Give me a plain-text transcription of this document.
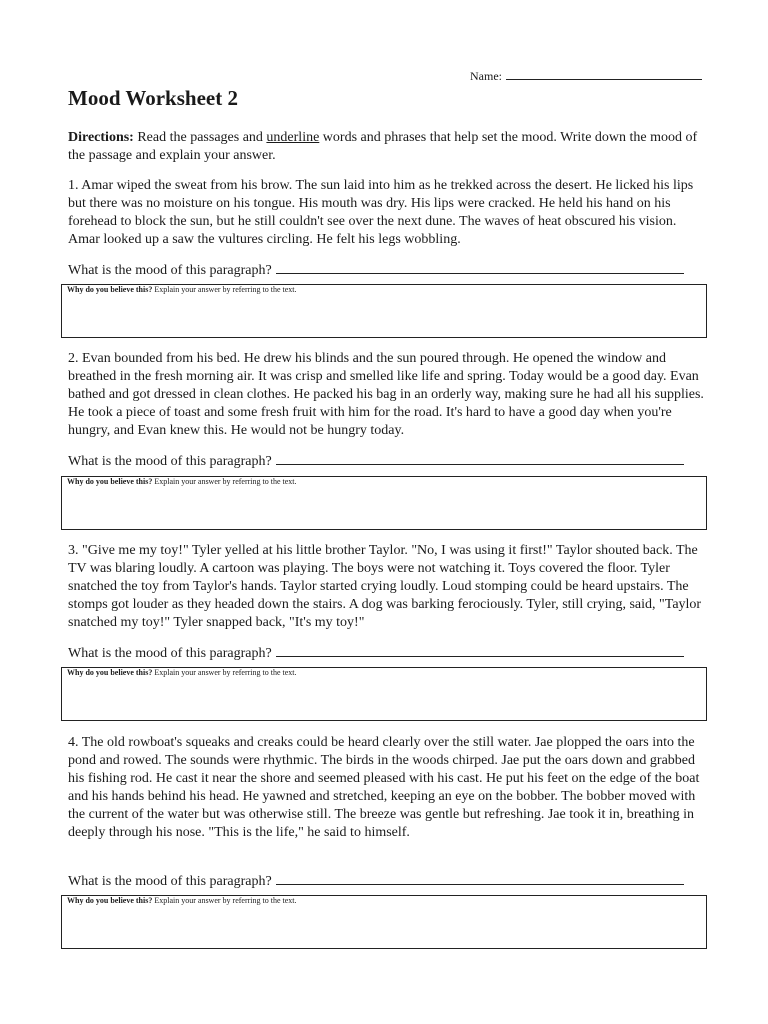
Name:
Mood Worksheet 2

Directions: Read the passages and underline words and phrases that help set the mood. Write down the mood of the passage and explain your answer.

1. Amar wiped the sweat from his brow. The sun laid into him as he trekked across the desert. He licked his lips but there was no moisture on his tongue. His mouth was dry. His lips were cracked. He held his hand on his forehead to block the sun, but he still couldn't see over the next dune. The waves of heat obscured his vision. Amar looked up a saw the vultures circling. He felt his legs wobbling.

What is the mood of this paragraph?

Why do you believe this? Explain your answer by referring to the text.

2. Evan bounded from his bed. He drew his blinds and the sun poured through. He opened the window and breathed in the fresh morning air. It was crisp and smelled like life and spring. Today would be a good day. Evan bathed and got dressed in clean clothes. He packed his bag in an orderly way, making sure he had all his supplies. He took a piece of toast and some fresh fruit with him for the road. It's hard to have a good day when you're hungry, and Evan knew this. He would not be hungry today.

What is the mood of this paragraph?

Why do you believe this? Explain your answer by referring to the text.

3. "Give me my toy!" Tyler yelled at his little brother Taylor. "No, I was using it first!" Taylor shouted back. The TV was blaring loudly. A cartoon was playing. The boys were not watching it. Toys covered the floor. Tyler snatched the toy from Taylor's hands. Taylor started crying loudly. Loud stomping could be heard upstairs. The stomps got louder as they headed down the stairs. A dog was barking ferociously. Tyler, still crying, said, "Taylor snatched my toy!" Tyler snapped back, "It's my toy!"

What is the mood of this paragraph?

Why do you believe this? Explain your answer by referring to the text.

4. The old rowboat's squeaks and creaks could be heard clearly over the still water. Jae plopped the oars into the pond and rowed. The sounds were rhythmic. The birds in the woods chirped. Jae put the oars down and grabbed his fishing rod. He cast it near the shore and seemed pleased with his cast. He put his feet on the edge of the boat and his hands behind his head. He yawned and stretched, keeping an eye on the bobber. The bobber moved with the current of the water but was otherwise still. The breeze was gentle but refreshing. Jae took it in, breathing in deeply through his nose. "This is the life," he said to himself.

What is the mood of this paragraph?

Why do you believe this? Explain your answer by referring to the text.
